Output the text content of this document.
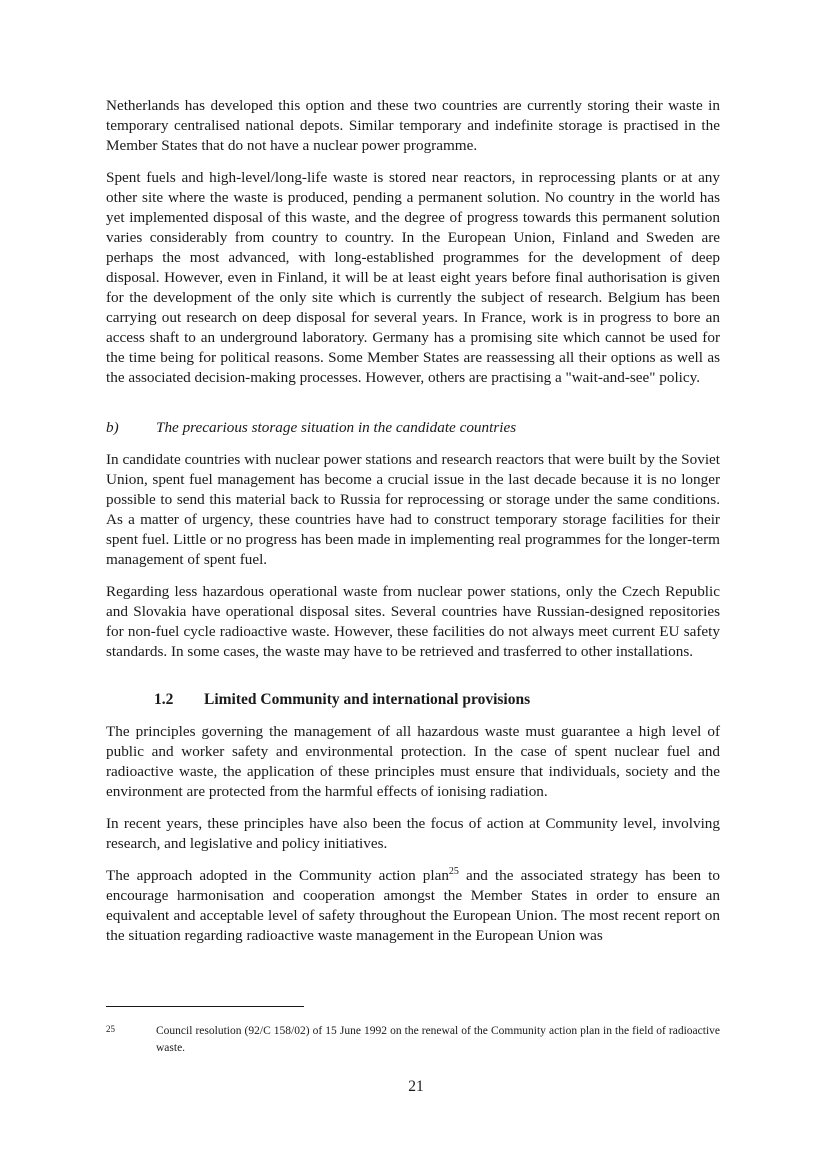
Netherlands has developed this option and these two countries are currently storing their waste in temporary centralised national depots. Similar temporary and indefinite storage is practised in the Member States that do not have a nuclear power programme.

Spent fuels and high-level/long-life waste is stored near reactors, in reprocessing plants or at any other site where the waste is produced, pending a permanent solution. No country in the world has yet implemented disposal of this waste, and the degree of progress towards this permanent solution varies considerably from country to country. In the European Union, Finland and Sweden are perhaps the most advanced, with long-established programmes for the development of deep disposal. However, even in Finland, it will be at least eight years before final authorisation is given for the development of the only site which is currently the subject of research. Belgium has been carrying out research on deep disposal for several years. In France, work is in progress to bore an access shaft to an underground laboratory. Germany has a promising site which cannot be used for the time being for political reasons. Some Member States are reassessing all their options as well as the associated decision-making processes. However, others are practising a "wait-and-see" policy.

b)	The precarious storage situation in the candidate countries

In candidate countries with nuclear power stations and research reactors that were built by the Soviet Union, spent fuel management has become a crucial issue in the last decade because it is no longer possible to send this material back to Russia for reprocessing or storage under the same conditions. As a matter of urgency, these countries have had to construct temporary storage facilities for their spent fuel. Little or no progress has been made in implementing real programmes for the longer-term management of spent fuel.

Regarding less hazardous operational waste from nuclear power stations, only the Czech Republic and Slovakia have operational disposal sites. Several countries have Russian-designed repositories for non-fuel cycle radioactive waste. However, these facilities do not always meet current EU safety standards. In some cases, the waste may have to be retrieved and trasferred to other installations.

1.2	Limited Community and international provisions

The principles governing the management of all hazardous waste must guarantee a high level of public and worker safety and environmental protection. In the case of spent nuclear fuel and radioactive waste, the application of these principles must ensure that individuals, society and the environment are protected from the harmful effects of ionising radiation.

In recent years, these principles have also been the focus of action at Community level, involving research, and legislative and policy initiatives.

The approach adopted in the Community action plan$^{25}$ and the associated strategy has been to encourage harmonisation and cooperation amongst the Member States in order to ensure an equivalent and acceptable level of safety throughout the European Union. The most recent report on the situation regarding radioactive waste management in the European Union was

25	Council resolution (92/C 158/02) of 15 June 1992 on the renewal of the Community action plan in the field of radioactive waste.
21
